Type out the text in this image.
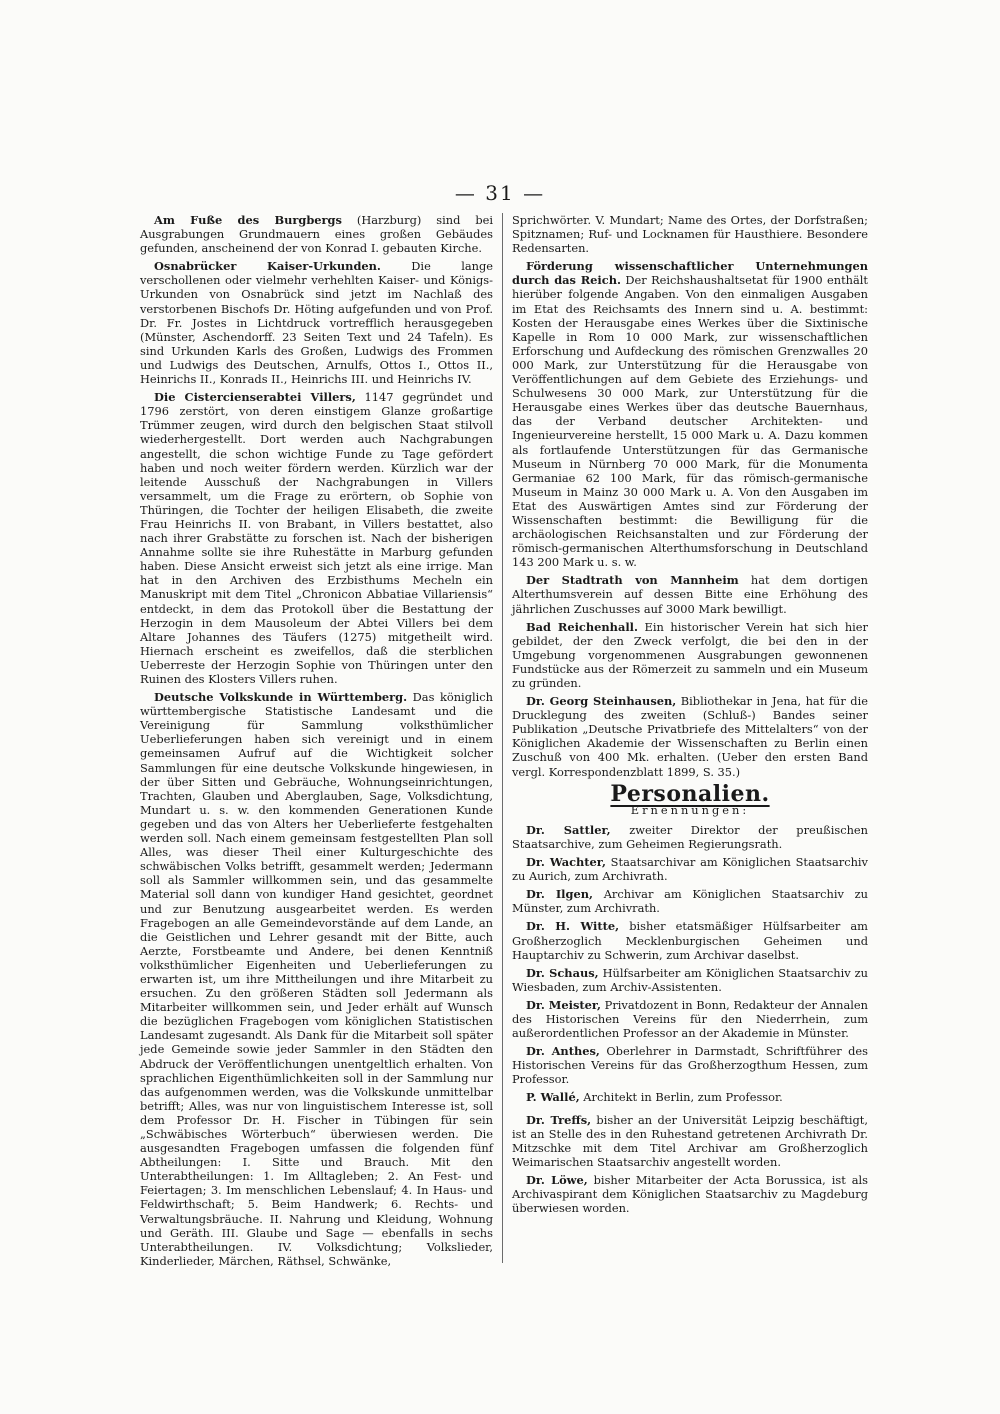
— 31 —

Am Fuße des Burgbergs (Harzburg) sind bei Ausgrabungen Grundmauern eines großen Gebäudes gefunden, anscheinend der von Konrad I. gebauten Kirche.

Osnabrücker Kaiser-Urkunden. Die lange verschollenen oder vielmehr verhehlten Kaiser- und Königs-Urkunden von Osnabrück sind jetzt im Nachlaß des verstorbenen Bischofs Dr. Höting aufgefunden und von Prof. Dr. Fr. Jostes in Lichtdruck vortrefflich herausgegeben (Münster, Aschendorff. 23 Seiten Text und 24 Tafeln). Es sind Urkunden Karls des Großen, Ludwigs des Frommen und Ludwigs des Deutschen, Arnulfs, Ottos I., Ottos II., Heinrichs II., Konrads II., Heinrichs III. und Heinrichs IV.

Die Cistercienserabtei Villers, 1147 gegründet und 1796 zerstört, von deren einstigem Glanze großartige Trümmer zeugen, wird durch den belgischen Staat stilvoll wiederhergestellt. Dort werden auch Nachgrabungen angestellt, die schon wichtige Funde zu Tage gefördert haben und noch weiter fördern werden. Kürzlich war der leitende Ausschuß der Nachgrabungen in Villers versammelt, um die Frage zu erörtern, ob Sophie von Thüringen, die Tochter der heiligen Elisabeth, die zweite Frau Heinrichs II. von Brabant, in Villers bestattet, also nach ihrer Grabstätte zu forschen ist. Nach der bisherigen Annahme sollte sie ihre Ruhestätte in Marburg gefunden haben. Diese Ansicht erweist sich jetzt als eine irrige. Man hat in den Archiven des Erzbisthums Mecheln ein Manuskript mit dem Titel „Chronicon Abbatiae Villariensis“ entdeckt, in dem das Protokoll über die Bestattung der Herzogin in dem Mausoleum der Abtei Villers bei dem Altare Johannes des Täufers (1275) mitgetheilt wird. Hiernach erscheint es zweifellos, daß die sterblichen Ueberreste der Herzogin Sophie von Thüringen unter den Ruinen des Klosters Villers ruhen.

Deutsche Volkskunde in Württemberg. Das königlich württembergische Statistische Landesamt und die Vereinigung für Sammlung volksthümlicher Ueberlieferungen haben sich vereinigt und in einem gemeinsamen Aufruf auf die Wichtigkeit solcher Sammlungen für eine deutsche Volkskunde hingewiesen, in der über Sitten und Gebräuche, Wohnungseinrichtungen, Trachten, Glauben und Aberglauben, Sage, Volksdichtung, Mundart u. s. w. den kommenden Generationen Kunde gegeben und das von Alters her Ueberlieferte festgehalten werden soll. Nach einem gemeinsam festgestellten Plan soll Alles, was dieser Theil einer Kulturgeschichte des schwäbischen Volks betrifft, gesammelt werden; Jedermann soll als Sammler willkommen sein, und das gesammelte Material soll dann von kundiger Hand gesichtet, geordnet und zur Benutzung ausgearbeitet werden. Es werden Fragebogen an alle Gemeindevorstände auf dem Lande, an die Geistlichen und Lehrer gesandt mit der Bitte, auch Aerzte, Forstbeamte und Andere, bei denen Kenntniß volksthümlicher Eigenheiten und Ueberlieferungen zu erwarten ist, um ihre Mittheilungen und ihre Mitarbeit zu ersuchen. Zu den größeren Städten soll Jedermann als Mitarbeiter willkommen sein, und Jeder erhält auf Wunsch die bezüglichen Fragebogen vom königlichen Statistischen Landesamt zugesandt. Als Dank für die Mitarbeit soll später jede Gemeinde sowie jeder Sammler in den Städten den Abdruck der Veröffentlichungen unentgeltlich erhalten. Von sprachlichen Eigenthümlichkeiten soll in der Sammlung nur das aufgenommen werden, was die Volkskunde unmittelbar betrifft; Alles, was nur von linguistischem Interesse ist, soll dem Professor Dr. H. Fischer in Tübingen für sein „Schwäbisches Wörterbuch“ überwiesen werden. Die ausgesandten Fragebogen umfassen die folgenden fünf Abtheilungen: I. Sitte und Brauch. Mit den Unterabtheilungen: 1. Im Alltagleben; 2. An Fest- und Feiertagen; 3. Im menschlichen Lebenslauf; 4. In Haus- und Feldwirthschaft; 5. Beim Handwerk; 6. Rechts- und Verwaltungsbräuche. II. Nahrung und Kleidung, Wohnung und Geräth. III. Glaube und Sage — ebenfalls in sechs Unterabtheilungen. IV. Volksdichtung; Volkslieder, Kinderlieder, Märchen, Räthsel, Schwänke,

Sprichwörter. V. Mundart; Name des Ortes, der Dorfstraßen; Spitznamen; Ruf- und Locknamen für Hausthiere. Besondere Redensarten.

Förderung wissenschaftlicher Unternehmungen durch das Reich. Der Reichshaushaltsetat für 1900 enthält hierüber folgende Angaben. Von den einmaligen Ausgaben im Etat des Reichsamts des Innern sind u. A. bestimmt: Kosten der Herausgabe eines Werkes über die Sixtinische Kapelle in Rom 10 000 Mark, zur wissenschaftlichen Erforschung und Aufdeckung des römischen Grenzwalles 20 000 Mark, zur Unterstützung für die Herausgabe von Veröffentlichungen auf dem Gebiete des Erziehungs- und Schulwesens 30 000 Mark, zur Unterstützung für die Herausgabe eines Werkes über das deutsche Bauernhaus, das der Verband deutscher Architekten- und Ingenieurvereine herstellt, 15 000 Mark u. A. Dazu kommen als fortlaufende Unterstützungen für das Germanische Museum in Nürnberg 70 000 Mark, für die Monumenta Germaniae 62 100 Mark, für das römisch-germanische Museum in Mainz 30 000 Mark u. A. Von den Ausgaben im Etat des Auswärtigen Amtes sind zur Förderung der Wissenschaften bestimmt: die Bewilligung für die archäologischen Reichsanstalten und zur Förderung der römisch-germanischen Alterthumsforschung in Deutschland 143 200 Mark u. s. w.

Der Stadtrath von Mannheim hat dem dortigen Alterthumsverein auf dessen Bitte eine Erhöhung des jährlichen Zuschusses auf 3000 Mark bewilligt.

Bad Reichenhall. Ein historischer Verein hat sich hier gebildet, der den Zweck verfolgt, die bei den in der Umgebung vorgenommenen Ausgrabungen gewonnenen Fundstücke aus der Römerzeit zu sammeln und ein Museum zu gründen.

Dr. Georg Steinhausen, Bibliothekar in Jena, hat für die Drucklegung des zweiten (Schluß-) Bandes seiner Publikation „Deutsche Privatbriefe des Mittelalters“ von der Königlichen Akademie der Wissenschaften zu Berlin einen Zuschuß von 400 Mk. erhalten. (Ueber den ersten Band vergl. Korrespondenzblatt 1899, S. 35.)

Personalien.
Ernennungen:

Dr. Sattler, zweiter Direktor der preußischen Staatsarchive, zum Geheimen Regierungsrath.

Dr. Wachter, Staatsarchivar am Königlichen Staatsarchiv zu Aurich, zum Archivrath.

Dr. Ilgen, Archivar am Königlichen Staatsarchiv zu Münster, zum Archivrath.

Dr. H. Witte, bisher etatsmäßiger Hülfsarbeiter am Großherzoglich Mecklenburgischen Geheimen und Hauptarchiv zu Schwerin, zum Archivar daselbst.

Dr. Schaus, Hülfsarbeiter am Königlichen Staatsarchiv zu Wiesbaden, zum Archiv-Assistenten.

Dr. Meister, Privatdozent in Bonn, Redakteur der Annalen des Historischen Vereins für den Niederrhein, zum außerordentlichen Professor an der Akademie in Münster.

Dr. Anthes, Oberlehrer in Darmstadt, Schriftführer des Historischen Vereins für das Großherzogthum Hessen, zum Professor.

P. Wallé, Architekt in Berlin, zum Professor.

Dr. Treffs, bisher an der Universität Leipzig beschäftigt, ist an Stelle des in den Ruhestand getretenen Archivrath Dr. Mitzschke mit dem Titel Archivar am Großherzoglich Weimarischen Staatsarchiv angestellt worden.

Dr. Löwe, bisher Mitarbeiter der Acta Borussica, ist als Archivaspirant dem Königlichen Staatsarchiv zu Magdeburg überwiesen worden.
